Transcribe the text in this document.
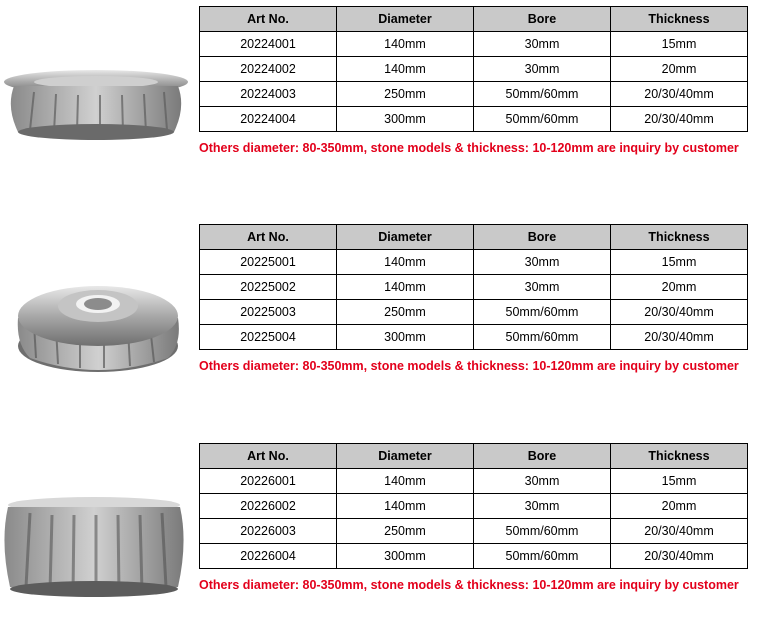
Art No.	Diameter	Bore	Thickness
20224001	140mm	30mm	15mm
20224002	140mm	30mm	20mm
20224003	250mm	50mm/60mm	20/30/40mm
20224004	300mm	50mm/60mm	20/30/40mm
Others diameter: 80-350mm, stone models & thickness: 10-120mm are inquiry by customer
Art No.	Diameter	Bore	Thickness
20225001	140mm	30mm	15mm
20225002	140mm	30mm	20mm
20225003	250mm	50mm/60mm	20/30/40mm
20225004	300mm	50mm/60mm	20/30/40mm
Others diameter: 80-350mm, stone models & thickness: 10-120mm are inquiry by customer
Art No.	Diameter	Bore	Thickness
20226001	140mm	30mm	15mm
20226002	140mm	30mm	20mm
20226003	250mm	50mm/60mm	20/30/40mm
20226004	300mm	50mm/60mm	20/30/40mm
Others diameter: 80-350mm, stone models & thickness: 10-120mm are inquiry by customer
